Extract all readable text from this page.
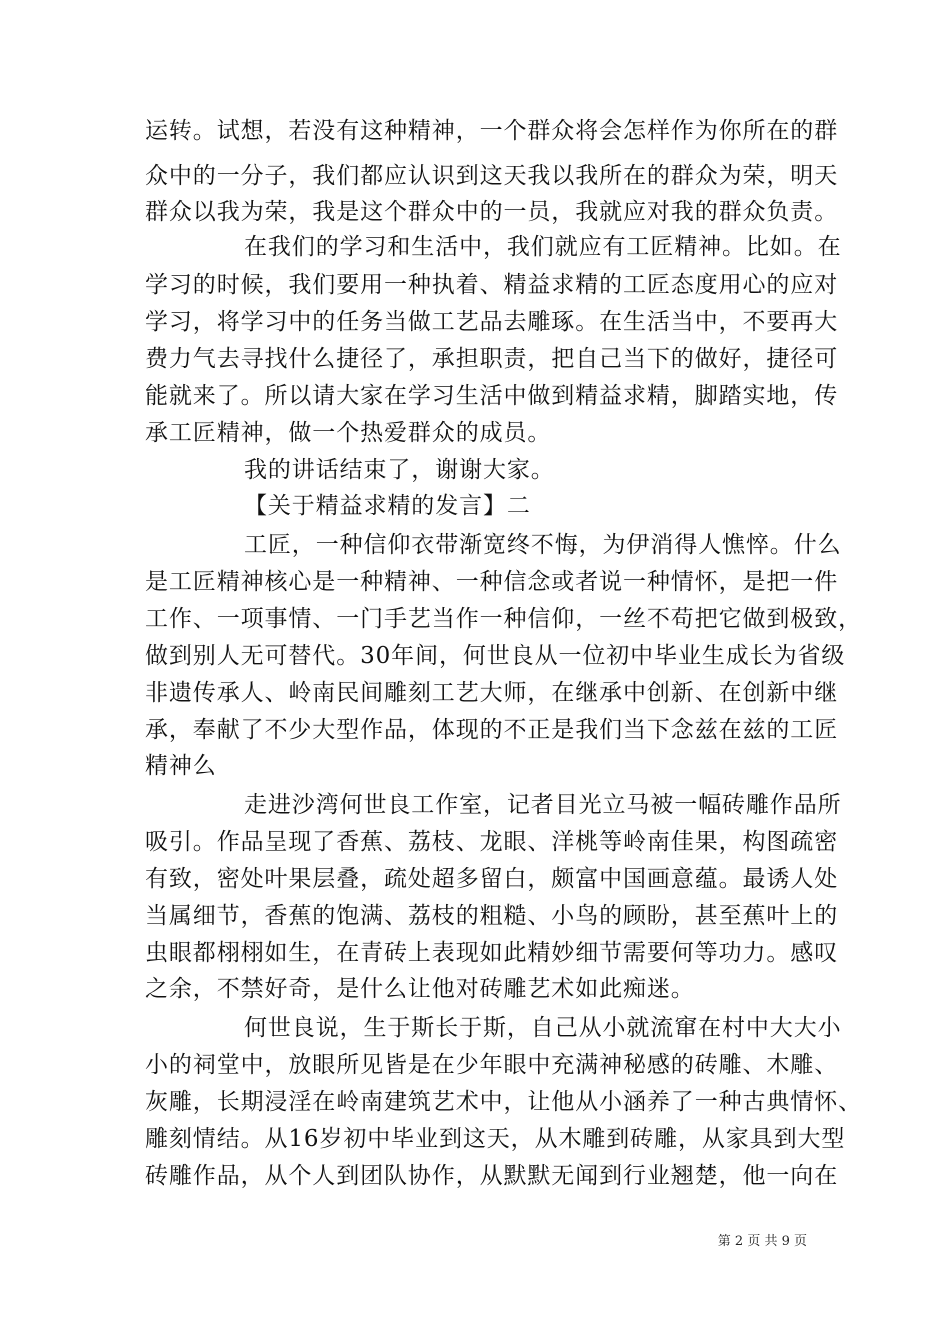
运转。试想，若没有这种精神，一个群众将会怎样作为你所在的群
众中的一分子，我们都应认识到这天我以我所在的群众为荣，明天
群众以我为荣，我是这个群众中的一员，我就应对我的群众负责。
在我们的学习和生活中，我们就应有工匠精神。比如。在
学习的时候，我们要用一种执着、精益求精的工匠态度用心的应对
学习，将学习中的任务当做工艺品去雕琢。在生活当中，不要再大
费力气去寻找什么捷径了，承担职责，把自己当下的做好，捷径可
能就来了。所以请大家在学习生活中做到精益求精，脚踏实地，传
承工匠精神，做一个热爱群众的成员。
我的讲话结束了，谢谢大家。
【关于精益求精的发言】二
工匠，一种信仰衣带渐宽终不悔，为伊消得人憔悴。什么
是工匠精神核心是一种精神、一种信念或者说一种情怀，是把一件
工作、一项事情、一门手艺当作一种信仰，一丝不苟把它做到极致，
做到别人无可替代。30年间，何世良从一位初中毕业生成长为省级
非遗传承人、岭南民间雕刻工艺大师，在继承中创新、在创新中继
承，奉献了不少大型作品，体现的不正是我们当下念兹在兹的工匠
精神么
走进沙湾何世良工作室，记者目光立马被一幅砖雕作品所
吸引。作品呈现了香蕉、荔枝、龙眼、洋桃等岭南佳果，构图疏密
有致，密处叶果层叠，疏处超多留白，颇富中国画意蕴。最诱人处
当属细节，香蕉的饱满、荔枝的粗糙、小鸟的顾盼，甚至蕉叶上的
虫眼都栩栩如生，在青砖上表现如此精妙细节需要何等功力。感叹
之余，不禁好奇，是什么让他对砖雕艺术如此痴迷。
何世良说，生于斯长于斯，自己从小就流窜在村中大大小
小的祠堂中，放眼所见皆是在少年眼中充满神秘感的砖雕、木雕、
灰雕，长期浸淫在岭南建筑艺术中，让他从小涵养了一种古典情怀、
雕刻情结。从16岁初中毕业到这天，从木雕到砖雕，从家具到大型
砖雕作品，从个人到团队协作，从默默无闻到行业翘楚，他一向在
第 2 页 共 9 页
